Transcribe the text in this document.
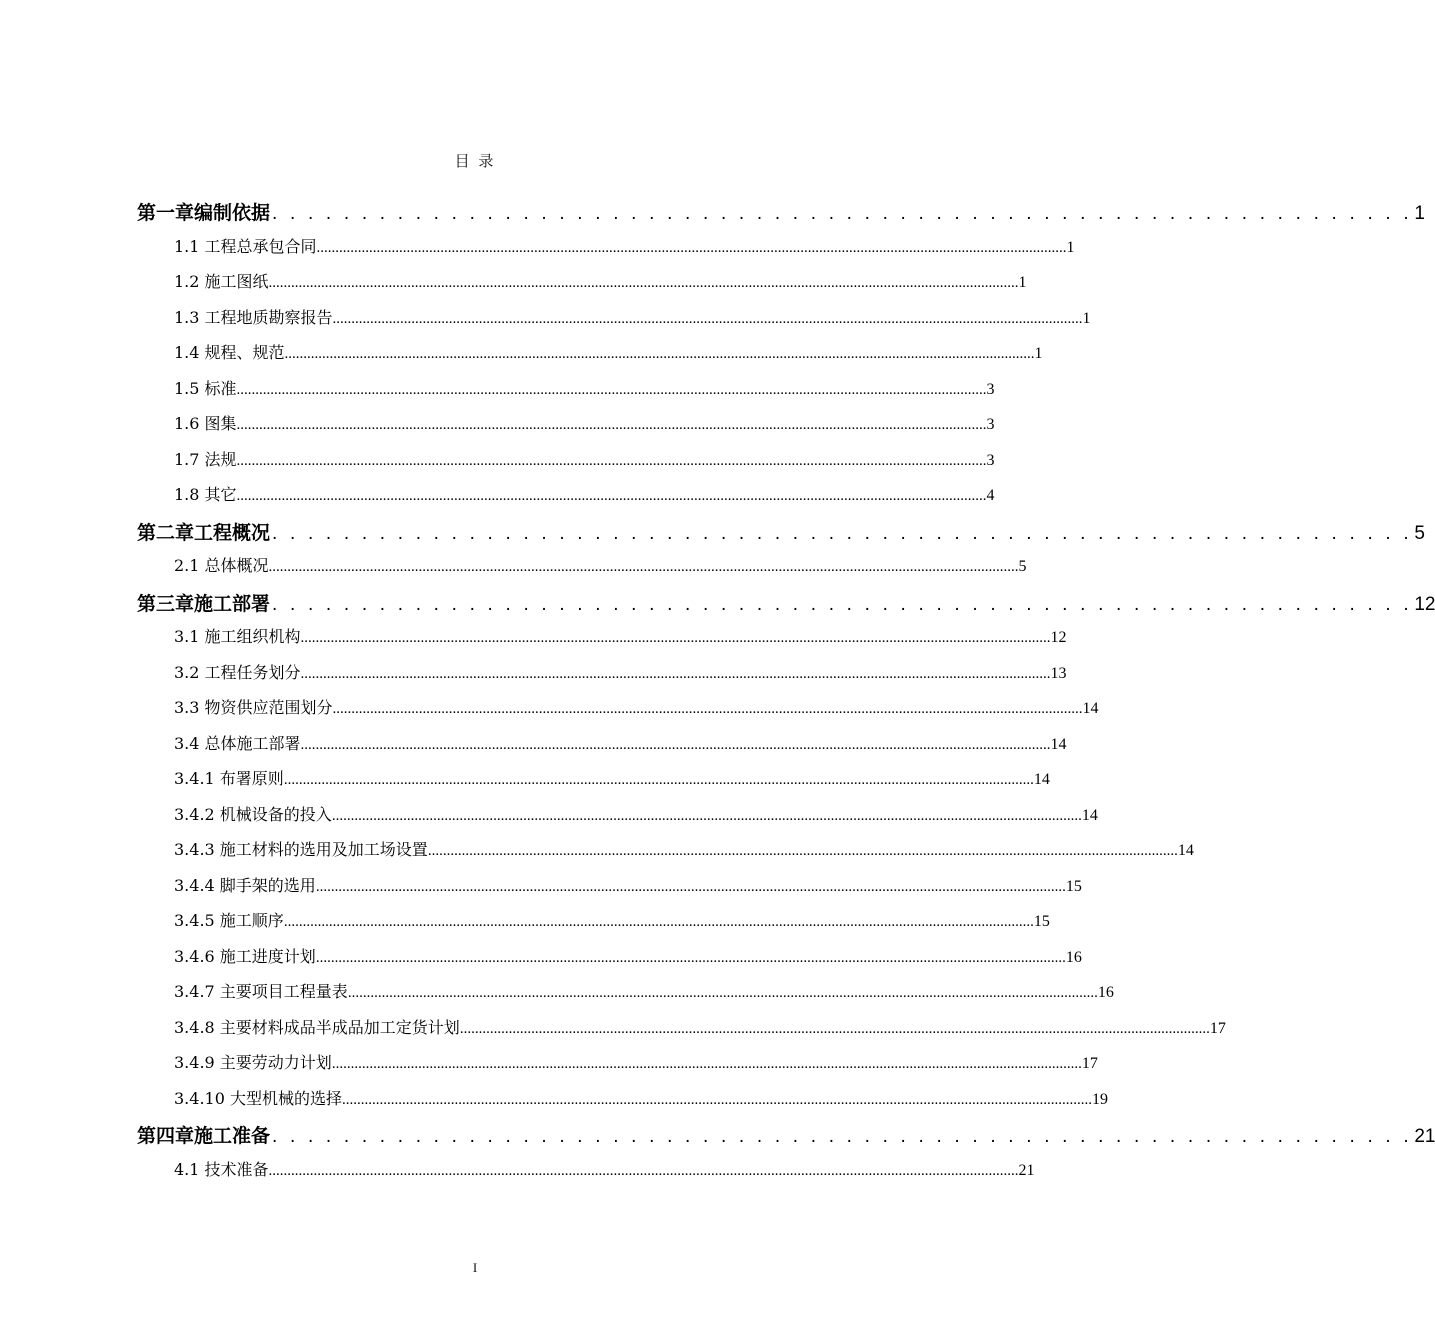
目 录
第一章 编制依据 . . . . . . . . . . . . . . . . . . . . . . . . . . . . . . . . . . . . . . . . . . . . . . . . . . . . . . . . . . . . . . . . 1
1.1 工程总承包合同 ........................................................................................................................................................................................................ 1
1.2 施工图纸 ........................................................................................................................................................................................................ 1
1.3 工程地质勘察报告 ........................................................................................................................................................................................................ 1
1.4 规程、规范 ........................................................................................................................................................................................................ 1
1.5 标准 ........................................................................................................................................................................................................ 3
1.6 图集 ........................................................................................................................................................................................................ 3
1.7 法规 ........................................................................................................................................................................................................ 3
1.8 其它 ........................................................................................................................................................................................................ 4
第二章 工程概况 . . . . . . . . . . . . . . . . . . . . . . . . . . . . . . . . . . . . . . . . . . . . . . . . . . . . . . . . . . . . . . . . 5
2.1 总体概况 ........................................................................................................................................................................................................ 5
第三章 施工部署 . . . . . . . . . . . . . . . . . . . . . . . . . . . . . . . . . . . . . . . . . . . . . . . . . . . . . . . . . . . . . . . . 12
3.1 施工组织机构 ........................................................................................................................................................................................................ 12
3.2 工程任务划分 ........................................................................................................................................................................................................ 13
3.3 物资供应范围划分 ........................................................................................................................................................................................................ 14
3.4 总体施工部署 ........................................................................................................................................................................................................ 14
3.4.1 布署原则 ........................................................................................................................................................................................................ 14
3.4.2 机械设备的投入 ........................................................................................................................................................................................................ 14
3.4.3 施工材料的选用及加工场设置 ........................................................................................................................................................................................................ 14
3.4.4 脚手架的选用 ........................................................................................................................................................................................................ 15
3.4.5 施工顺序 ........................................................................................................................................................................................................ 15
3.4.6 施工进度计划 ........................................................................................................................................................................................................ 16
3.4.7 主要项目工程量表 ........................................................................................................................................................................................................ 16
3.4.8 主要材料成品半成品加工定货计划 ........................................................................................................................................................................................................ 17
3.4.9 主要劳动力计划 ........................................................................................................................................................................................................ 17
3.4.10 大型机械的选择 ........................................................................................................................................................................................................ 19
第四章 施工准备 . . . . . . . . . . . . . . . . . . . . . . . . . . . . . . . . . . . . . . . . . . . . . . . . . . . . . . . . . . . . . . . . 21
4.1 技术准备 ........................................................................................................................................................................................................ 21
I
